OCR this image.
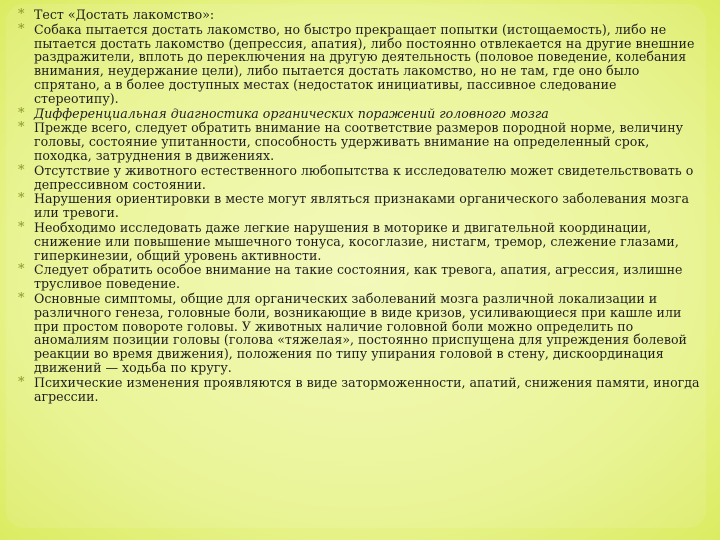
* Тест «Достать лакомство»:
* Собака пытается достать лакомство, но быстро прекращает попытки (истощаемость), либо не пытается достать лакомство (депрессия, апатия), либо постоянно отвлекается на другие внешние раздражители, вплоть до переключения на другую деятельность (половое поведение, колебания внимания, неудержание цели), либо пытается достать лакомство, но не там, где оно было спрятано, а в более доступных местах (недостаток инициативы, пассивное следование стереотипу).
* Дифференциальная диагностика органических поражений головного мозга
* Прежде всего, следует обратить внимание на соответствие размеров породной норме, величину головы, состояние упитанности, способность удерживать внимание на определенный срок, походка, затруднения в движениях.
* Отсутствие у животного естественного любопытства к исследователю может свидетельствовать о депрессивном состоянии.
* Нарушения ориентировки в месте могут являться признаками органического заболевания мозга или тревоги.
* Необходимо исследовать даже легкие нарушения в моторике и двигательной координации, снижение или повышение мышечного тонуса, косоглазие, нистагм, тремор, слежение глазами, гиперкинезии, общий уровень активности.
* Следует обратить особое внимание на такие состояния, как тревога, апатия, агрессия, излишне трусливое поведение.
* Основные симптомы, общие для органических заболеваний мозга различной локализации и различного генеза, головные боли, возникающие в виде кризов, усиливающиеся при кашле или при простом повороте головы. У животных наличие головной боли можно определить по аномалиям позиции головы (голова «тяжелая», постоянно приспущена для упреждения болевой реакции во время движения), положения по типу упирания головой в стену, дискоординация движений — ходьба по кругу.
* Психические изменения проявляются в виде заторможенности, апатий, снижения памяти, иногда агрессии.
